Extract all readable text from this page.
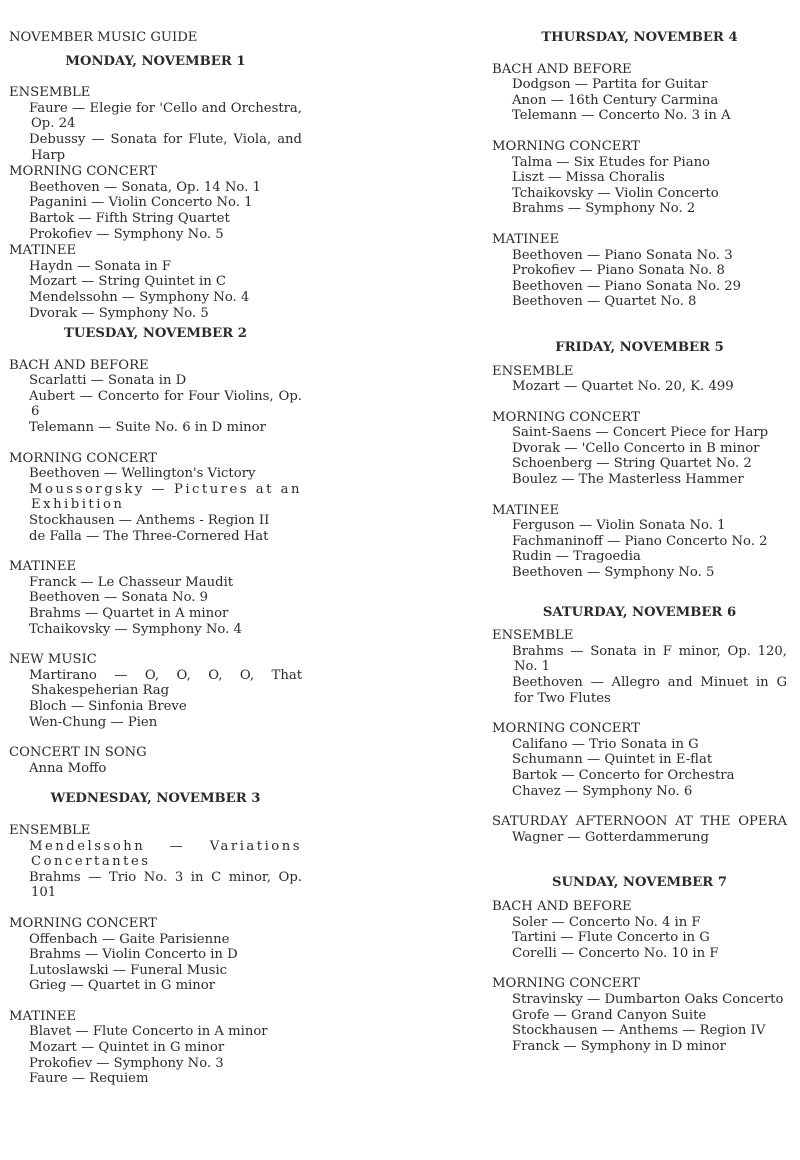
NOVEMBER MUSIC GUIDE
MONDAY, NOVEMBER 1
ENSEMBLE
Faure — Elegie for 'Cello and Orchestra, Op. 24
Debussy — Sonata for Flute, Viola, and Harp
MORNING CONCERT
Beethoven — Sonata, Op. 14 No. 1
Paganini — Violin Concerto No. 1
Bartok — Fifth String Quartet
Prokofiev — Symphony No. 5
MATINEE
Haydn — Sonata in F
Mozart — String Quintet in C
Mendelssohn — Symphony No. 4
Dvorak — Symphony No. 5
TUESDAY, NOVEMBER 2
BACH AND BEFORE
Scarlatti — Sonata in D
Aubert — Concerto for Four Violins, Op. 6
Telemann — Suite No. 6 in D minor
MORNING CONCERT
Beethoven — Wellington's Victory
Moussorgsky — Pictures at an Exhibition
Stockhausen — Anthems - Region II
de Falla — The Three-Cornered Hat
MATINEE
Franck — Le Chasseur Maudit
Beethoven — Sonata No. 9
Brahms — Quartet in A minor
Tchaikovsky — Symphony No. 4
NEW MUSIC
Martirano — O, O, O, O, That Shakespeherian Rag
Bloch — Sinfonia Breve
Wen-Chung — Pien
CONCERT IN SONG
Anna Moffo
WEDNESDAY, NOVEMBER 3
ENSEMBLE
Mendelssohn — Variations Concertantes
Brahms — Trio No. 3 in C minor, Op. 101
MORNING CONCERT
Offenbach — Gaite Parisienne
Brahms — Violin Concerto in D
Lutoslawski — Funeral Music
Grieg — Quartet in G minor
MATINEE
Blavet — Flute Concerto in A minor
Mozart — Quintet in G minor
Prokofiev — Symphony No. 3
Faure — Requiem
THURSDAY, NOVEMBER 4
BACH AND BEFORE
Dodgson — Partita for Guitar
Anon — 16th Century Carmina
Telemann — Concerto No. 3 in A
MORNING CONCERT
Talma — Six Etudes for Piano
Liszt — Missa Choralis
Tchaikovsky — Violin Concerto
Brahms — Symphony No. 2
MATINEE
Beethoven — Piano Sonata No. 3
Prokofiev — Piano Sonata No. 8
Beethoven — Piano Sonata No. 29
Beethoven — Quartet No. 8
FRIDAY, NOVEMBER 5
ENSEMBLE
Mozart — Quartet No. 20, K. 499
MORNING CONCERT
Saint-Saens — Concert Piece for Harp
Dvorak — 'Cello Concerto in B minor
Schoenberg — String Quartet No. 2
Boulez — The Masterless Hammer
MATINEE
Ferguson — Violin Sonata No. 1
Fachmaninoff — Piano Concerto No. 2
Rudin — Tragoedia
Beethoven — Symphony No. 5
SATURDAY, NOVEMBER 6
ENSEMBLE
Brahms — Sonata in F minor, Op. 120, No. 1
Beethoven — Allegro and Minuet in G for Two Flutes
MORNING CONCERT
Califano — Trio Sonata in G
Schumann — Quintet in E-flat
Bartok — Concerto for Orchestra
Chavez — Symphony No. 6
SATURDAY AFTERNOON AT THE OPERA
Wagner — Gotterdammerung
SUNDAY, NOVEMBER 7
BACH AND BEFORE
Soler — Concerto No. 4 in F
Tartini — Flute Concerto in G
Corelli — Concerto No. 10 in F
MORNING CONCERT
Stravinsky — Dumbarton Oaks Concerto
Grofe — Grand Canyon Suite
Stockhausen — Anthems — Region IV
Franck — Symphony in D minor
